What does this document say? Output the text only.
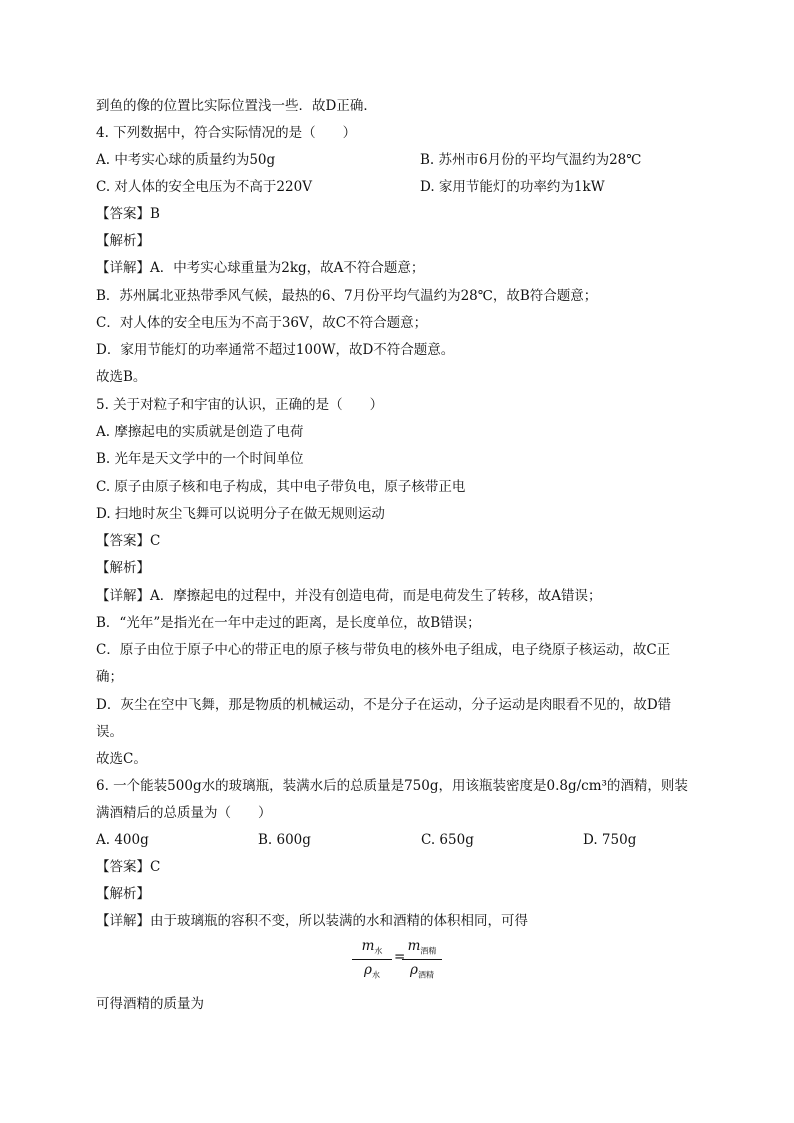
到鱼的像的位置比实际位置浅一些．故D正确．
4. 下列数据中，符合实际情况的是（　　）
A. 中考实心球的质量约为50g	B. 苏州市6月份的平均气温约为28℃
C. 对人体的安全电压为不高于220V	D. 家用节能灯的功率约为1kW
【答案】B
【解析】
【详解】A．中考实心球重量为2kg，故A不符合题意；
B．苏州属北亚热带季风气候，最热的6、7月份平均气温约为28℃，故B符合题意；
C．对人体的安全电压为不高于36V，故C不符合题意；
D．家用节能灯的功率通常不超过100W，故D不符合题意。
故选B。
5. 关于对粒子和宇宙的认识，正确的是（　　）
A. 摩擦起电的实质就是创造了电荷
B. 光年是天文学中的一个时间单位
C. 原子由原子核和电子构成，其中电子带负电，原子核带正电
D. 扫地时灰尘飞舞可以说明分子在做无规则运动
【答案】C
【解析】
【详解】A．摩擦起电的过程中，并没有创造电荷，而是电荷发生了转移，故A错误；
B．“光年”是指光在一年中走过的距离，是长度单位，故B错误；
C．原子由位于原子中心的带正电的原子核与带负电的核外电子组成，电子绕原子核运动，故C正
确；
D．灰尘在空中飞舞，那是物质的机械运动，不是分子在运动，分子运动是肉眼看不见的，故D错
误。
故选C。
6. 一个能装500g水的玻璃瓶，装满水后的总质量是750g，用该瓶装密度是0.8g/cm³的酒精，则装
满酒精后的总质量为（　　）
A. 400g	B. 600g	C. 650g	D. 750g
【答案】C
【解析】
【详解】由于玻璃瓶的容积不变，所以装满的水和酒精的体积相同，可得
$m_水$
$\rho_水$
=
$m_{酒精}$
$\rho_{酒精}$
可得酒精的质量为
